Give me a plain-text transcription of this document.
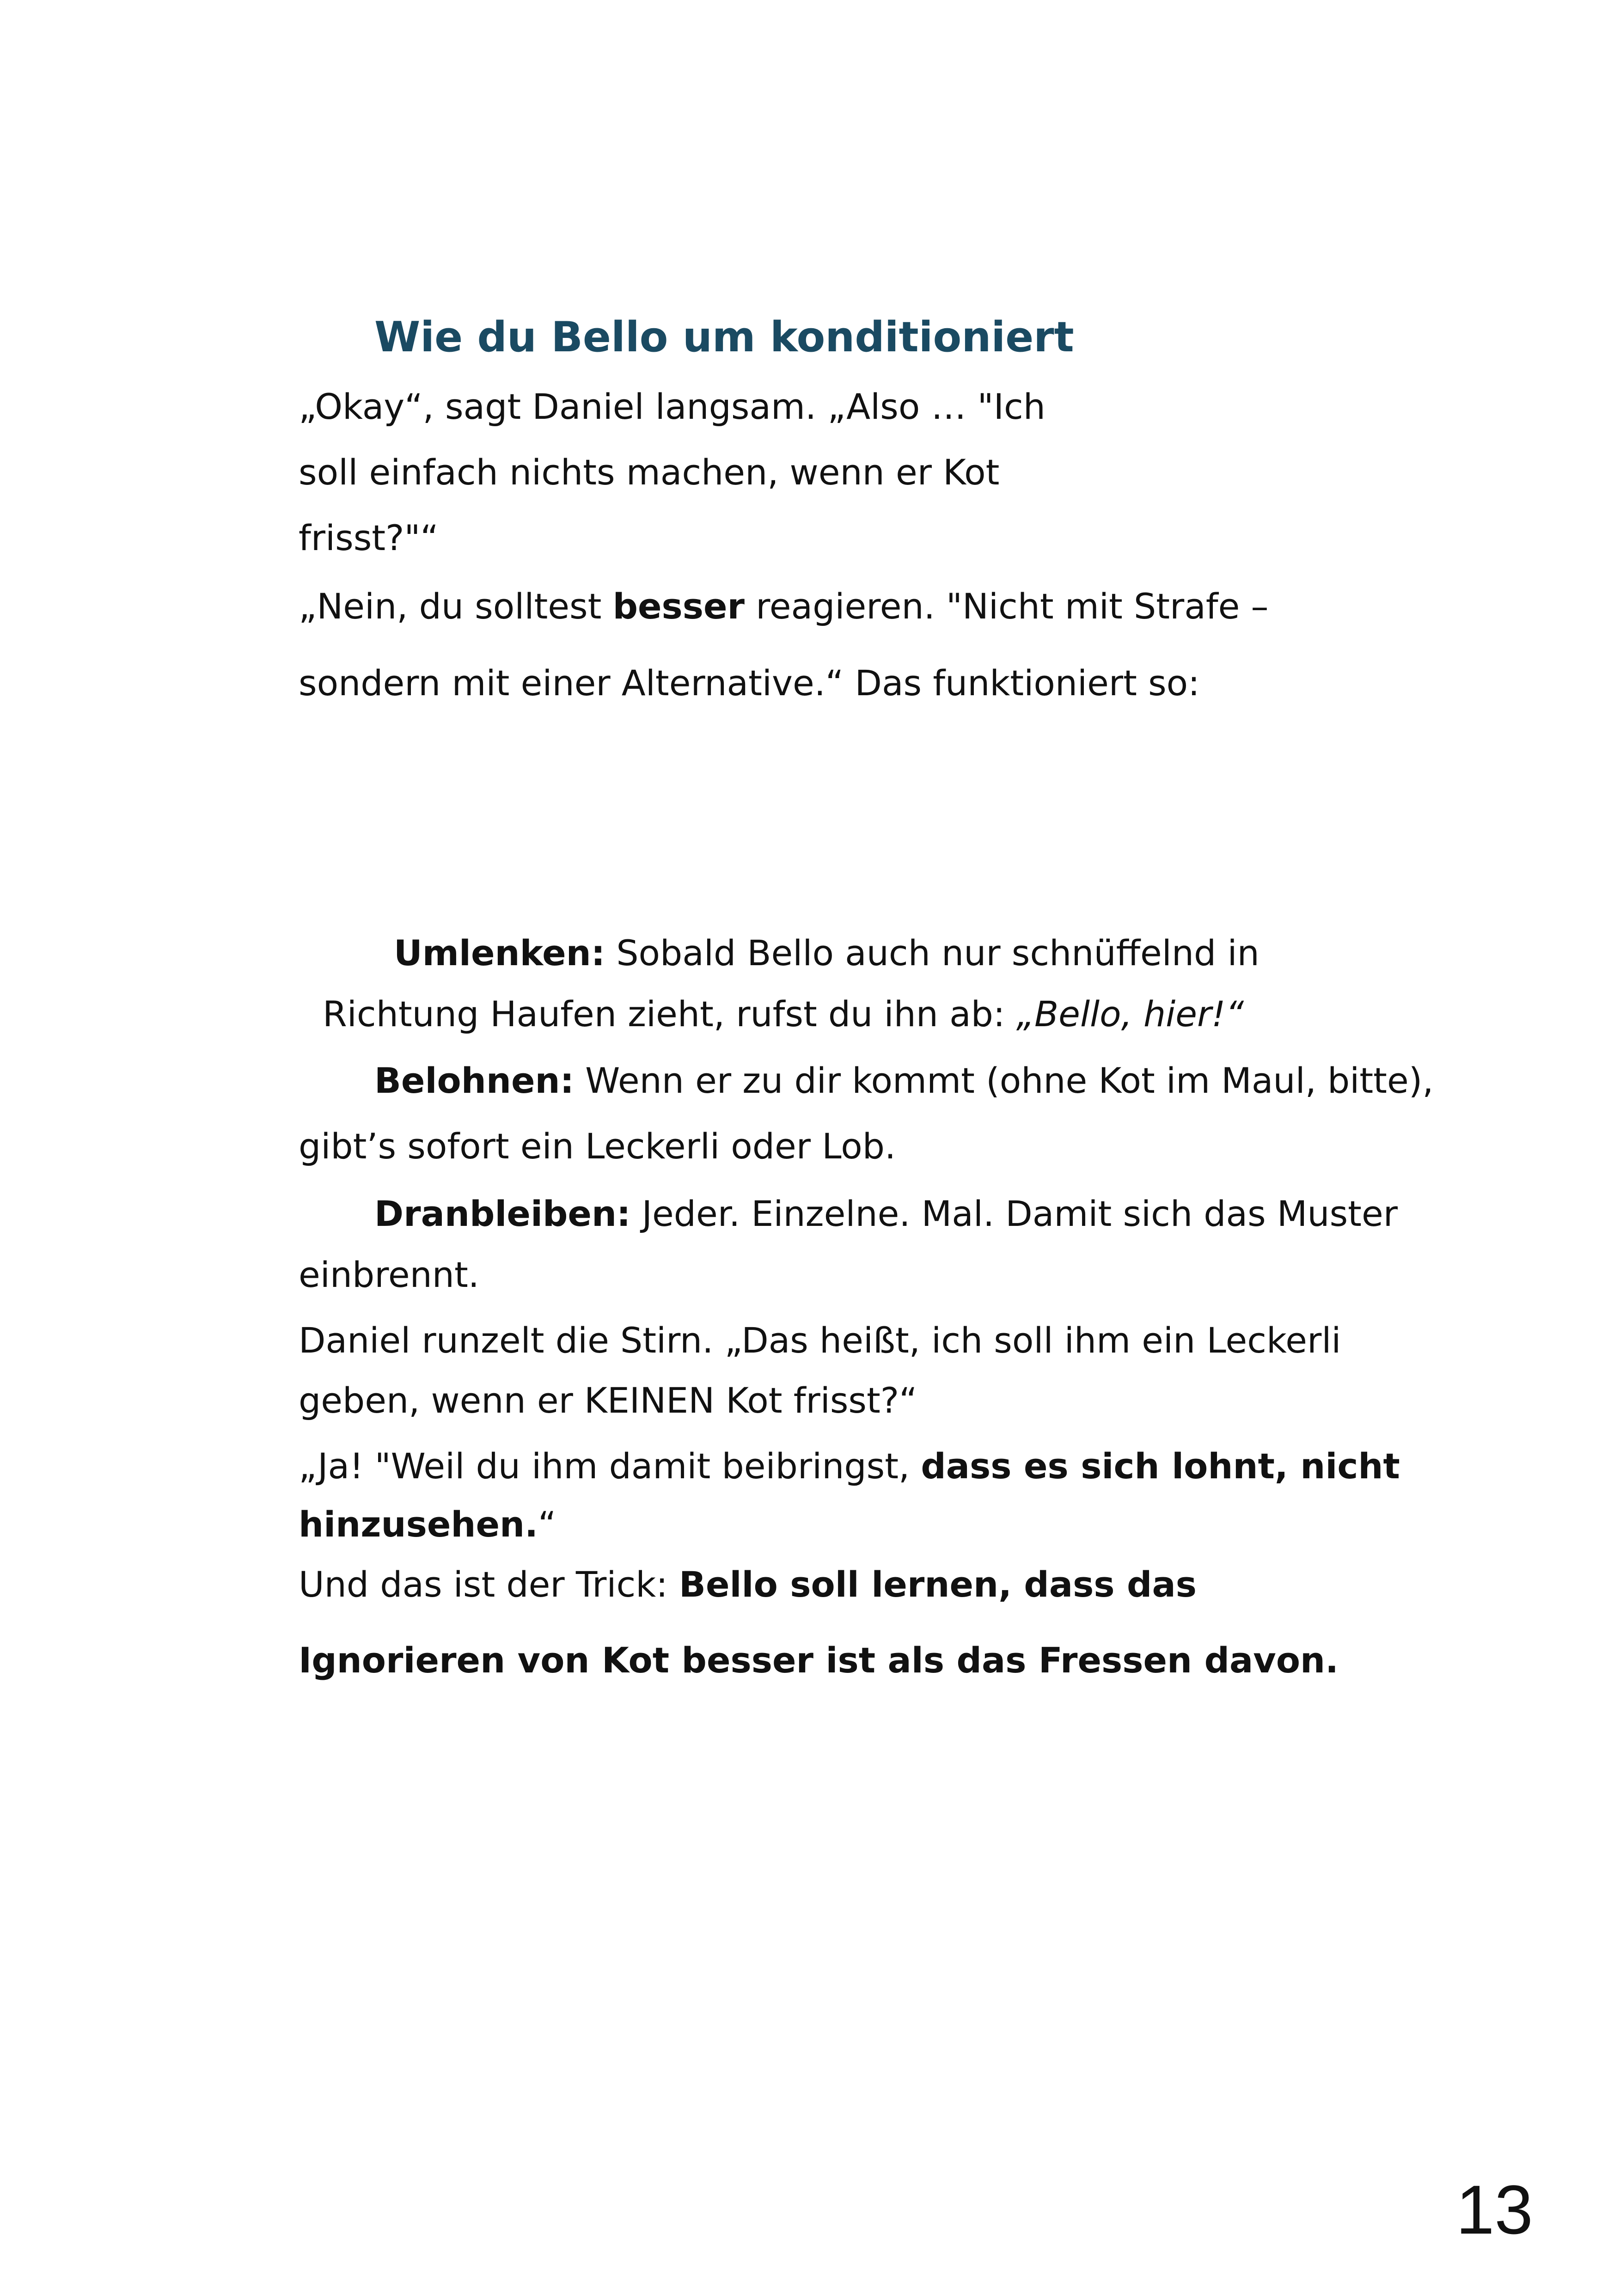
Wie du Bello um konditioniert
„Okay“, sagt Daniel langsam. „Also … "Ich
soll einfach nichts machen, wenn er Kot
frisst?"“
„Nein, du solltest besser reagieren. "Nicht mit Strafe –
sondern mit einer Alternative.“ Das funktioniert so:
Umlenken: Sobald Bello auch nur schnüffelnd in
Richtung Haufen zieht, rufst du ihn ab: „Bello, hier!“
Belohnen: Wenn er zu dir kommt (ohne Kot im Maul, bitte),
gibt’s sofort ein Leckerli oder Lob.
Dranbleiben: Jeder. Einzelne. Mal. Damit sich das Muster
einbrennt.
Daniel runzelt die Stirn. „Das heißt, ich soll ihm ein Leckerli
geben, wenn er KEINEN Kot frisst?“
„Ja! "Weil du ihm damit beibringst, dass es sich lohnt, nicht
hinzusehen.“
Und das ist der Trick: Bello soll lernen, dass das
Ignorieren von Kot besser ist als das Fressen davon.
13
